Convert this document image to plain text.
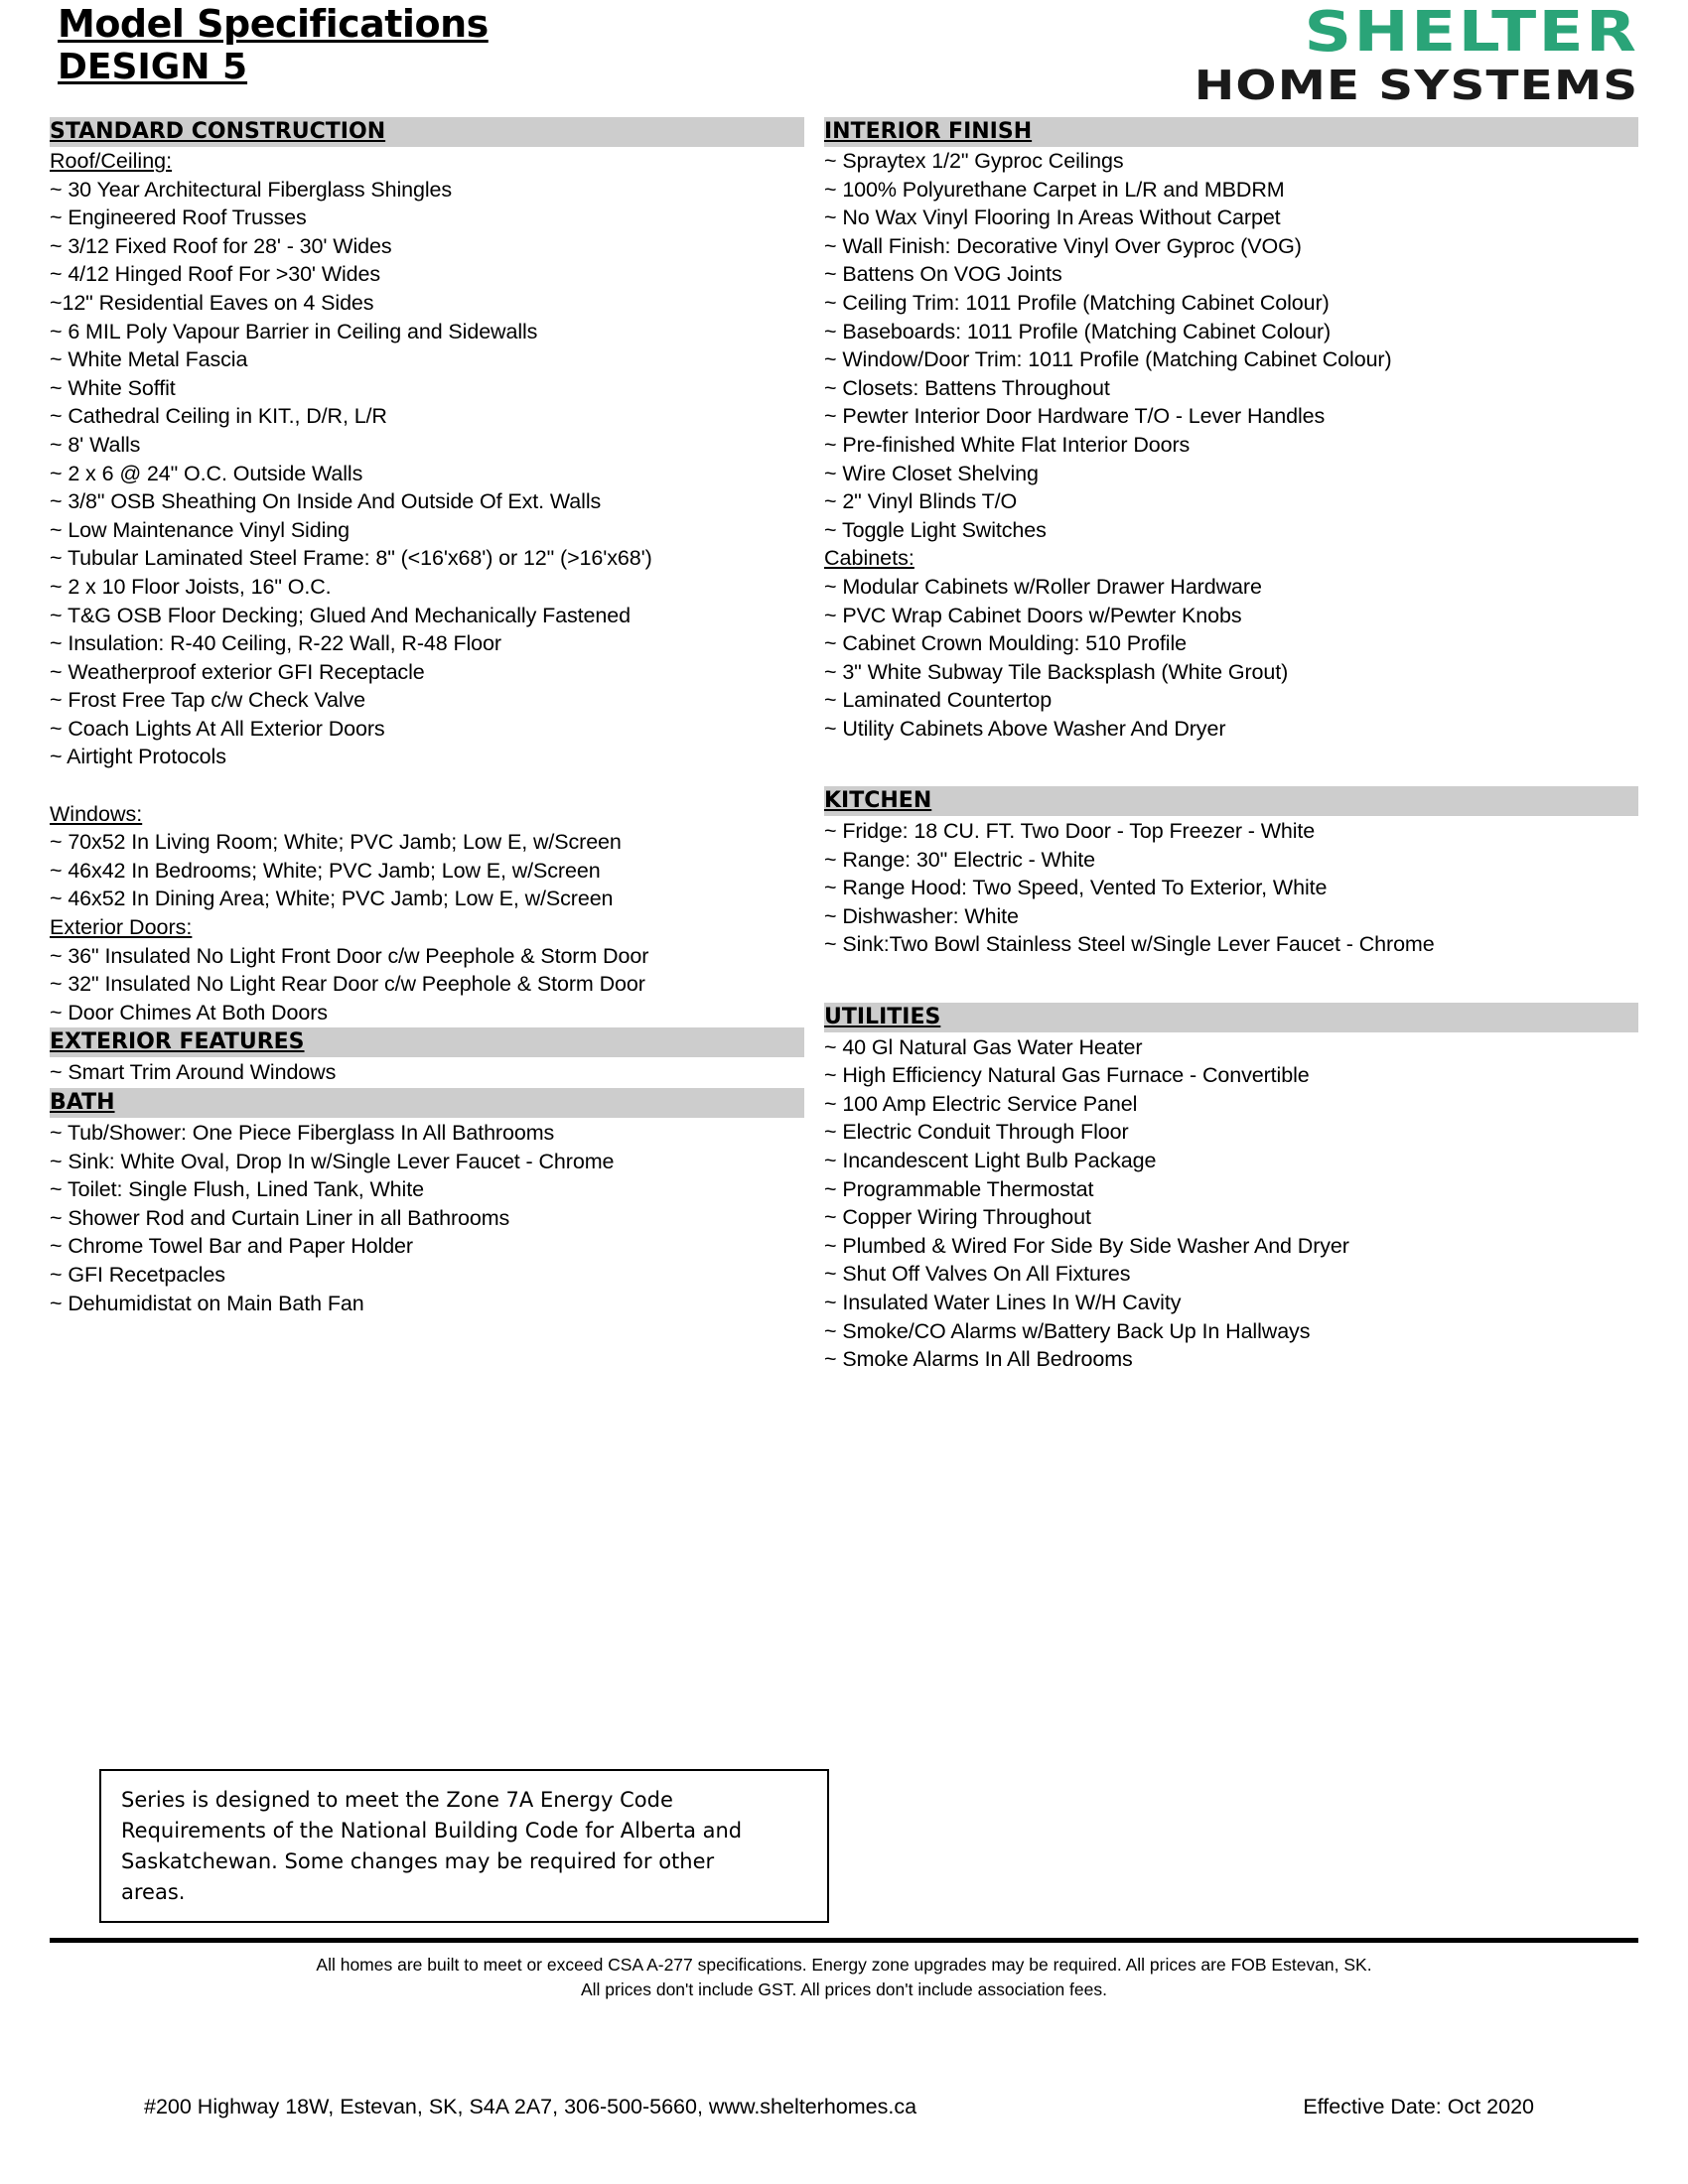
Model Specifications
DESIGN 5
SHELTER
HOME SYSTEMS
STANDARD CONSTRUCTION	INTERIOR FINISH
Roof/Ceiling:
~ 30 Year Architectural Fiberglass Shingles
~ Engineered Roof Trusses
~ 3/12 Fixed Roof for 28' - 30' Wides
~ 4/12 Hinged Roof For >30' Wides
~12" Residential Eaves on 4 Sides
~ 6 MIL Poly Vapour Barrier in Ceiling and Sidewalls
~ White Metal Fascia
~ White Soffit
~ Cathedral Ceiling in KIT., D/R, L/R
~ 8' Walls
~ 2 x 6 @ 24" O.C. Outside Walls
~ 3/8" OSB Sheathing On Inside And Outside Of Ext. Walls
~ Low Maintenance Vinyl Siding
~ Tubular Laminated Steel Frame: 8" (<16'x68') or 12" (>16'x68')
~ 2 x 10 Floor Joists, 16" O.C.
~ T&G OSB Floor Decking; Glued And Mechanically Fastened
~ Insulation: R-40 Ceiling, R-22 Wall, R-48 Floor
~ Weatherproof exterior GFI Receptacle
~ Frost Free Tap c/w Check Valve
~ Coach Lights At All Exterior Doors
~ Airtight Protocols
Windows:
~ 70x52 In Living Room; White; PVC Jamb; Low E, w/Screen
~ 46x42 In Bedrooms; White; PVC Jamb; Low E, w/Screen
~ 46x52 In Dining Area; White; PVC Jamb; Low E, w/Screen
Exterior Doors:
~ 36" Insulated No Light Front Door c/w Peephole & Storm Door
~ 32" Insulated No Light Rear Door c/w Peephole & Storm Door
~ Door Chimes At Both Doors
EXTERIOR FEATURES
~ Smart Trim Around Windows
BATH
~ Tub/Shower: One Piece Fiberglass In All Bathrooms
~ Sink: White Oval, Drop In w/Single Lever Faucet - Chrome
~ Toilet: Single Flush, Lined Tank, White
~ Shower Rod and Curtain Liner in all Bathrooms
~ Chrome Towel Bar and Paper Holder
~ GFI Recetpacles
~ Dehumidistat on Main Bath Fan
~ Spraytex 1/2" Gyproc Ceilings
~ 100% Polyurethane Carpet in L/R and MBDRM
~ No Wax Vinyl Flooring In Areas Without Carpet
~ Wall Finish: Decorative Vinyl Over Gyproc (VOG)
~ Battens On VOG Joints
~ Ceiling Trim: 1011 Profile (Matching Cabinet Colour)
~ Baseboards: 1011 Profile (Matching Cabinet Colour)
~ Window/Door Trim: 1011 Profile (Matching Cabinet Colour)
~ Closets: Battens Throughout
~ Pewter Interior Door Hardware T/O - Lever Handles
~ Pre-finished White Flat Interior Doors
~ Wire Closet Shelving
~ 2" Vinyl Blinds T/O
~ Toggle Light Switches
Cabinets:
~ Modular Cabinets w/Roller Drawer Hardware
~ PVC Wrap Cabinet Doors w/Pewter Knobs
~ Cabinet Crown Moulding: 510 Profile
~ 3" White Subway Tile Backsplash (White Grout)
~ Laminated Countertop
~ Utility Cabinets Above Washer And Dryer
KITCHEN
~ Fridge: 18 CU. FT. Two Door - Top Freezer - White
~ Range: 30" Electric - White
~ Range Hood: Two Speed, Vented To Exterior, White
~ Dishwasher: White
~ Sink:Two Bowl Stainless Steel w/Single Lever Faucet - Chrome
UTILITIES
~ 40 Gl Natural Gas Water Heater
~ High Efficiency Natural Gas Furnace - Convertible
~ 100 Amp Electric Service Panel
~ Electric Conduit Through Floor
~ Incandescent Light Bulb Package
~ Programmable Thermostat
~ Copper Wiring Throughout
~ Plumbed & Wired For Side By Side Washer And Dryer
~ Shut Off Valves On All Fixtures
~ Insulated Water Lines In W/H Cavity
~ Smoke/CO Alarms w/Battery Back Up In Hallways
~ Smoke Alarms In All Bedrooms

Series is designed to meet the Zone 7A Energy Code

Requirements of the National Building Code for Alberta and

Saskatchewan. Some changes may be required for other

areas.

All homes are built to meet or exceed CSA A-277 specifications. Energy zone upgrades may be required. All prices are FOB Estevan, SK.
All prices don't include GST. All prices don't include association fees.
#200 Highway 18W, Estevan, SK, S4A 2A7, 306-500-5660, www.shelterhomes.ca	Effective Date: Oct 2020
